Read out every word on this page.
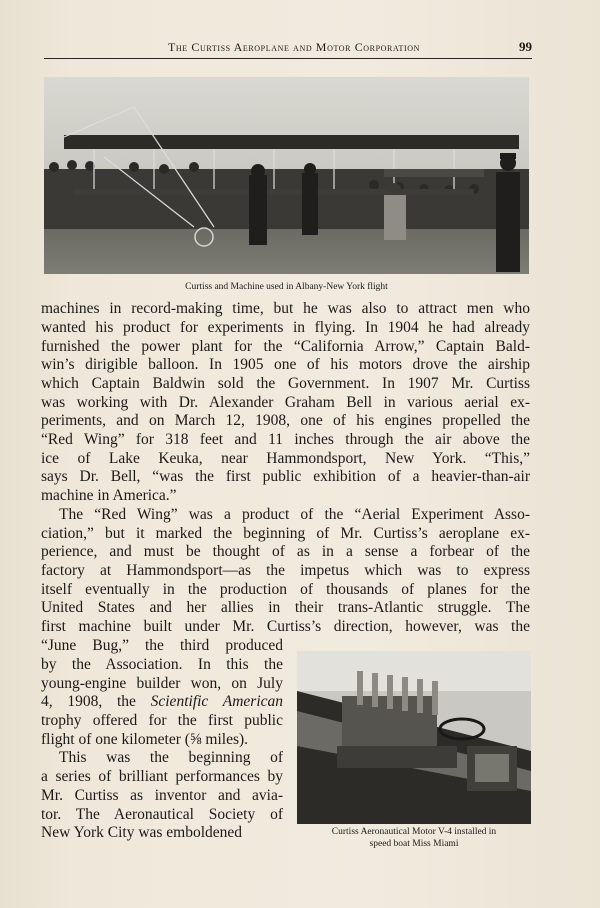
The Curtiss Aeroplane and Motor Corporation	99
Curtiss and Machine used in Albany-New York flight
machines in record-making time, but he was also to attract men who
wanted his product for experiments in flying. In 1904 he had already
furnished the power plant for the “California Arrow,” Captain Bald-
win’s dirigible balloon. In 1905 one of his motors drove the airship
which Captain Baldwin sold the Government. In 1907 Mr. Curtiss
was working with Dr. Alexander Graham Bell in various aerial ex-
periments, and on March 12, 1908, one of his engines propelled the
“Red Wing” for 318 feet and 11 inches through the air above the
ice of Lake Keuka, near Hammondsport, New York. “This,”
says Dr. Bell, “was the first public exhibition of a heavier-than-air
machine in America.”
The “Red Wing” was a product of the “Aerial Experiment Asso-
ciation,” but it marked the beginning of Mr. Curtiss’s aeroplane ex-
perience, and must be thought of as in a sense a forbear of the
factory at Hammondsport—as the impetus which was to express
itself eventually in the production of thousands of planes for the
United States and her allies in their trans-Atlantic struggle. The
first machine built under Mr. Curtiss’s direction, however, was the
“June Bug,” the third produced
by the Association. In this the
young-engine builder won, on July
4, 1908, the Scientific American
trophy offered for the first public
flight of one kilometer (⅝ miles).
This was the beginning of
a series of brilliant performances by
Mr. Curtiss as inventor and avia-
tor. The Aeronautical Society of
New York City was emboldened	Curtiss Aeronautical Motor V-4 installed in
speed boat Miss Miami
